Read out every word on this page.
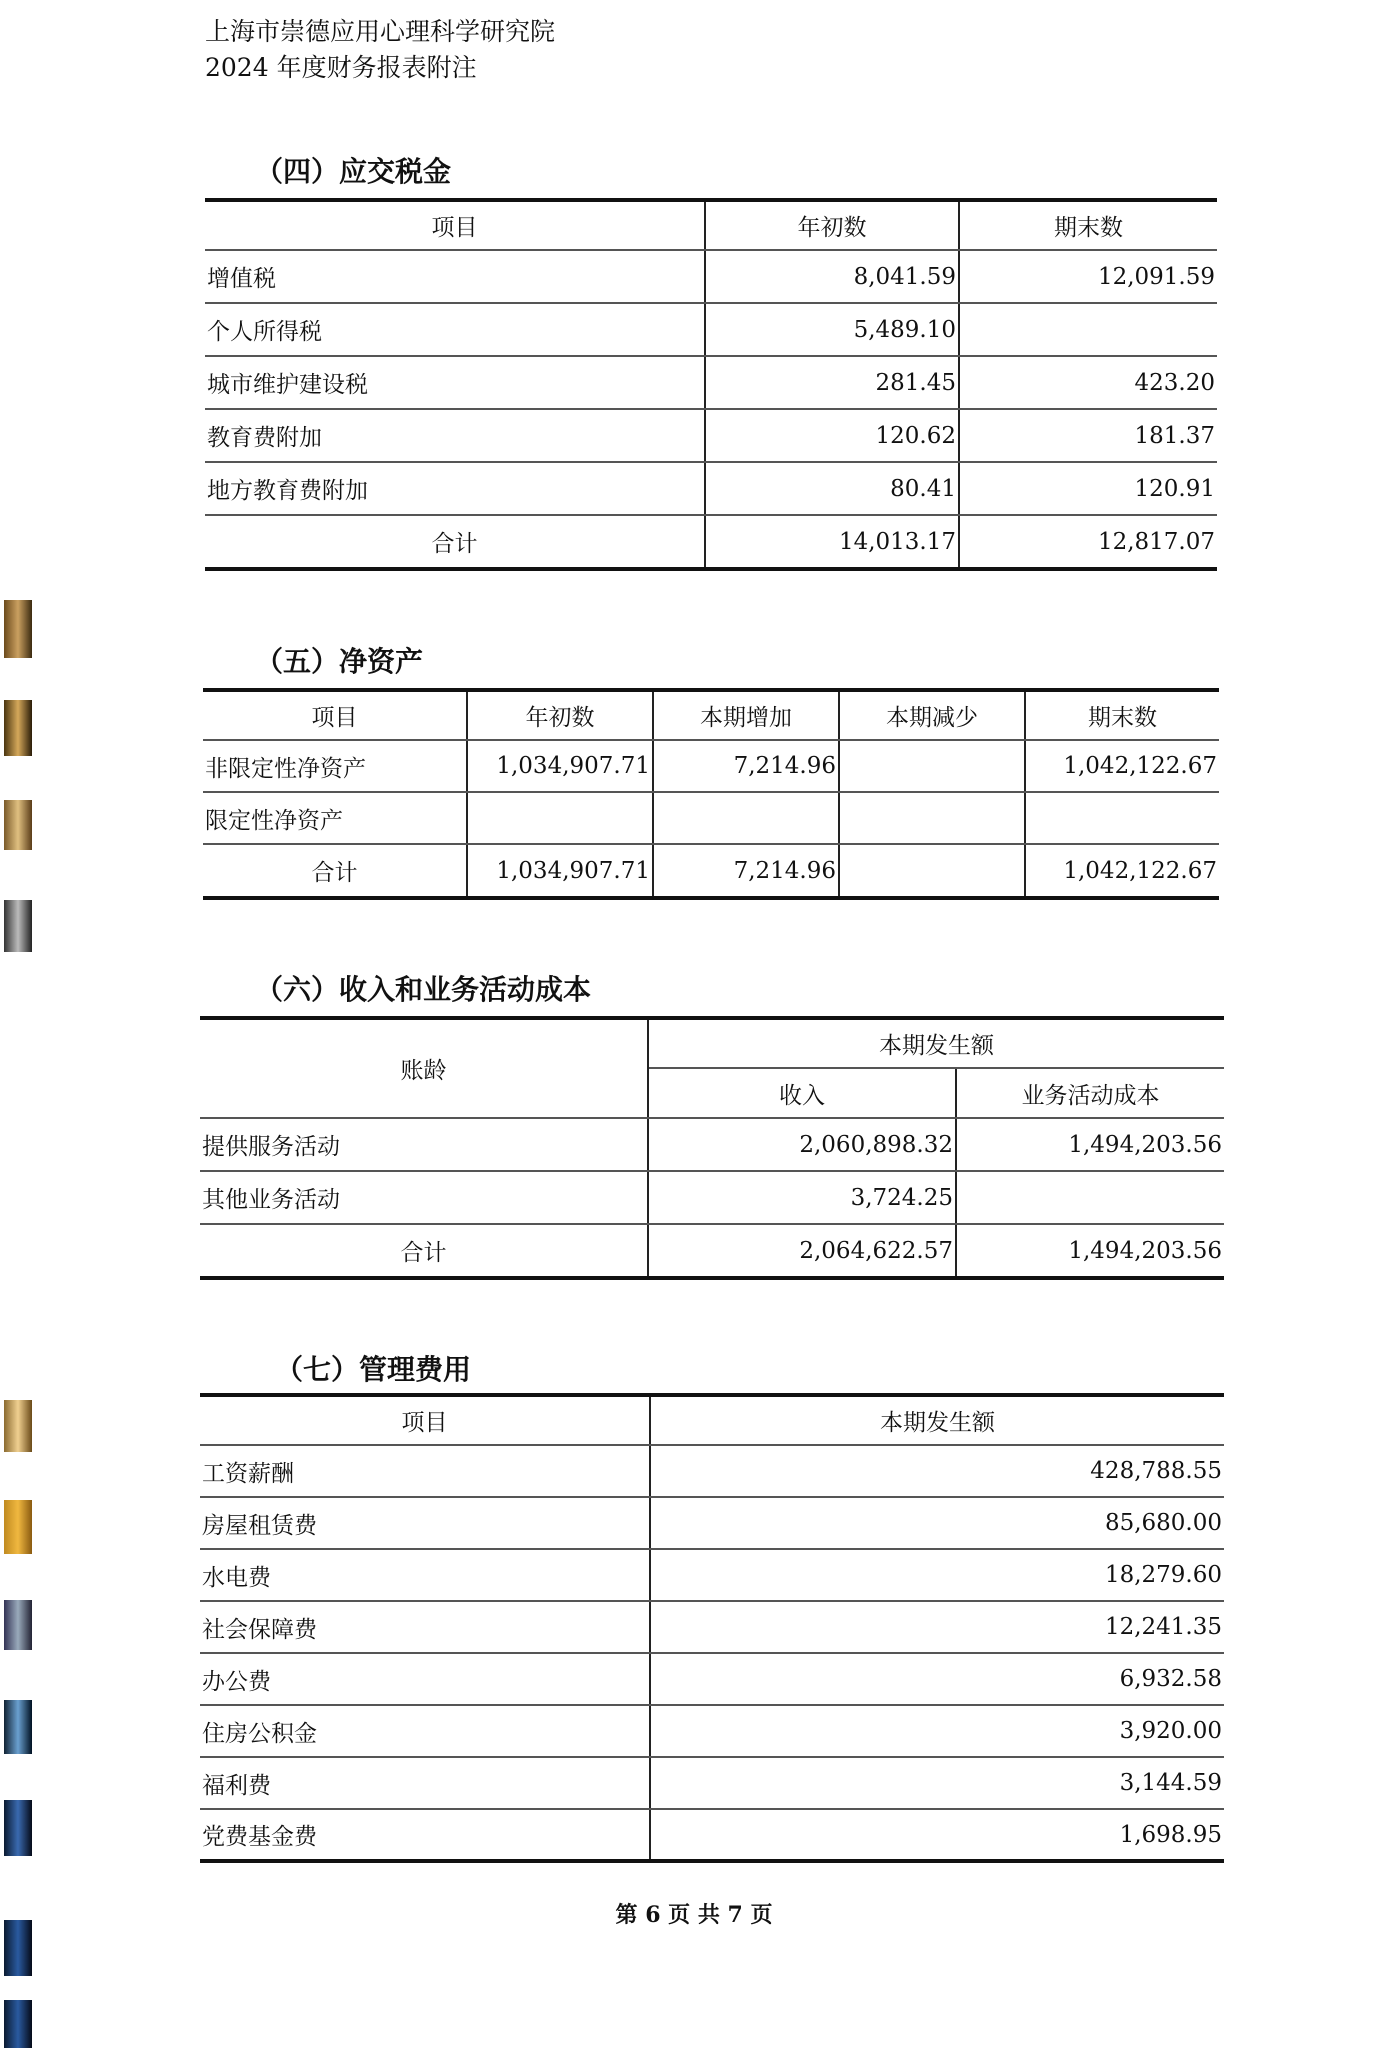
上海市崇德应用心理科学研究院
2024 年度财务报表附注
（四）应交税金
项目	年初数	期末数
增值税	8,041.59	12,091.59
个人所得税	5,489.10	
城市维护建设税	281.45	423.20
教育费附加	120.62	181.37
地方教育费附加	80.41	120.91
合计	14,013.17	12,817.07
（五）净资产
项目	年初数	本期增加	本期减少	期末数
非限定性净资产	1,034,907.71	7,214.96		1,042,122.67
限定性净资产				
合计	1,034,907.71	7,214.96		1,042,122.67
（六）收入和业务活动成本
账龄	本期发生额	
	收入	业务活动成本
提供服务活动	2,060,898.32	1,494,203.56
其他业务活动	3,724.25	
合计	2,064,622.57	1,494,203.56
（七）管理费用
项目	本期发生额
工资薪酬	428,788.55
房屋租赁费	85,680.00
水电费	18,279.60
社会保障费	12,241.35
办公费	6,932.58
住房公积金	3,920.00
福利费	3,144.59
党费基金费	1,698.95
第 6 页 共 7 页
